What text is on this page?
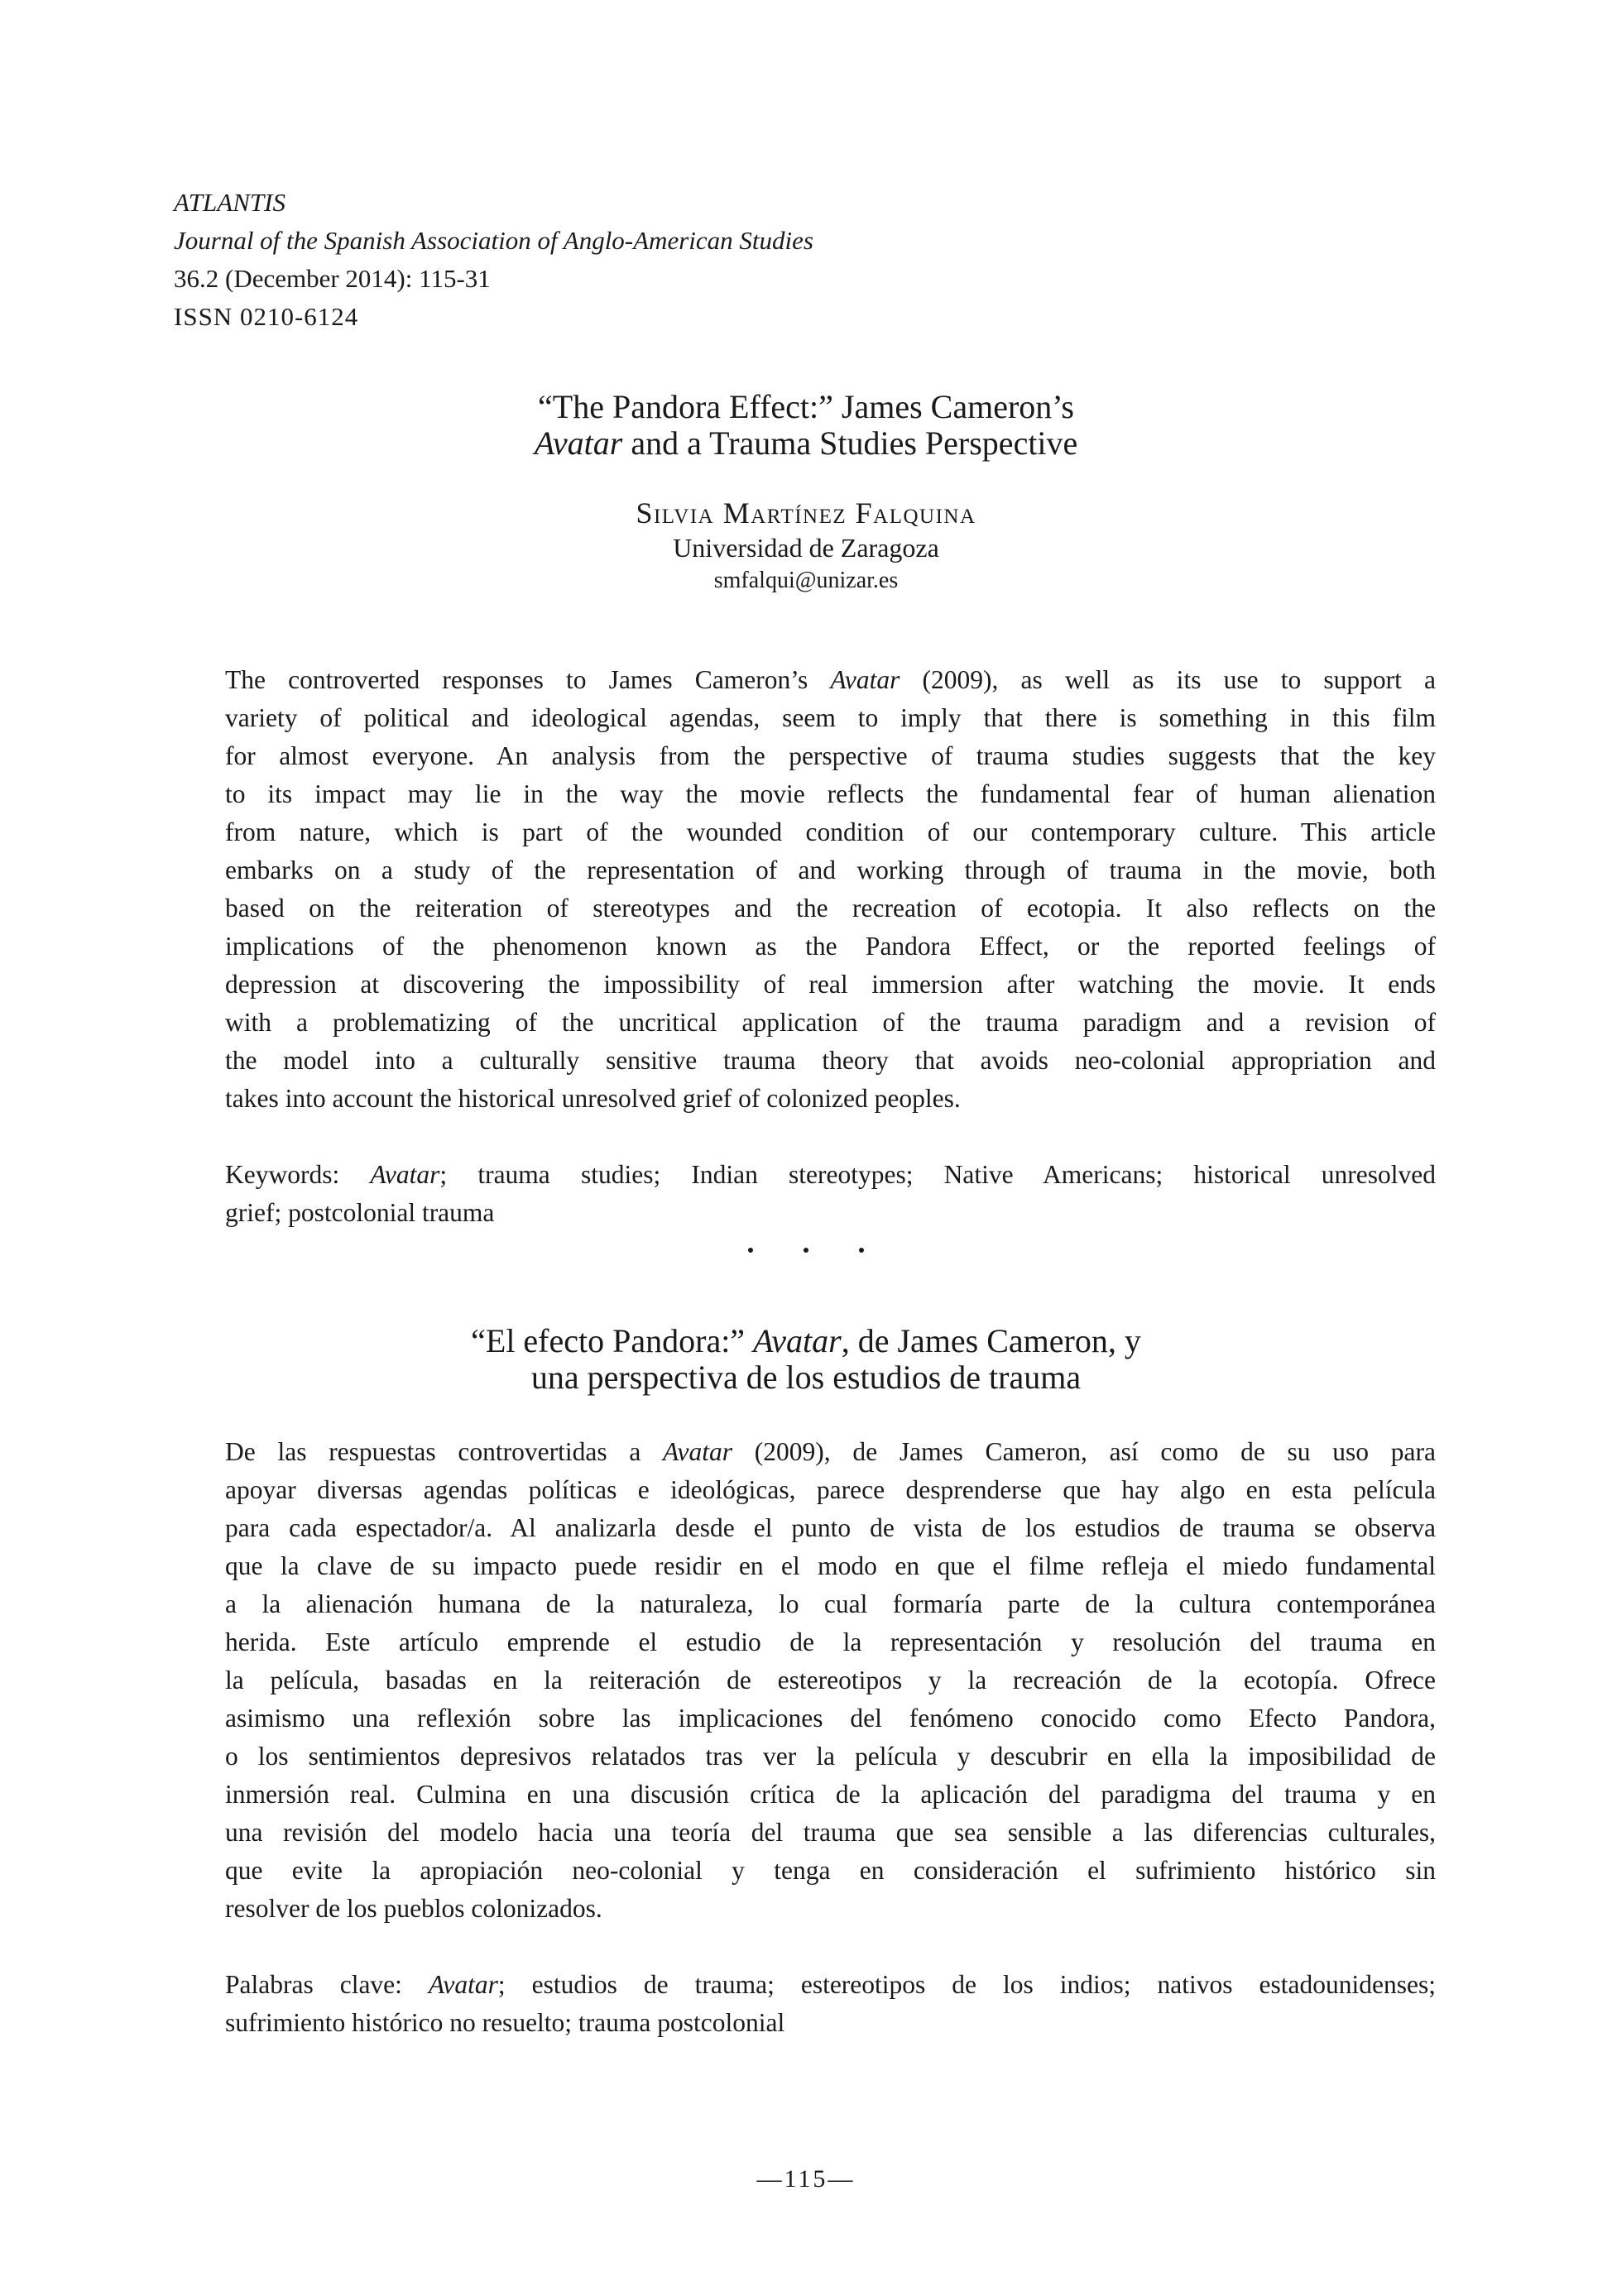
ATLANTIS
Journal of the Spanish Association of Anglo-American Studies
36.2 (December 2014): 115-31
ISSN 0210-6124
“The Pandora Effect:” James Cameron’s
Avatar and a Trauma Studies Perspective
Silvia Martínez Falquina
Universidad de Zaragoza
smfalqui@unizar.es
The controverted responses to James Cameron’s Avatar (2009), as well as its use to support a
variety of political and ideological agendas, seem to imply that there is something in this film
for almost everyone. An analysis from the perspective of trauma studies suggests that the key
to its impact may lie in the way the movie reflects the fundamental fear of human alienation
from nature, which is part of the wounded condition of our contemporary culture. This article
embarks on a study of the representation of and working through of trauma in the movie, both
based on the reiteration of stereotypes and the recreation of ecotopia. It also reflects on the
implications of the phenomenon known as the Pandora Effect, or the reported feelings of
depression at discovering the impossibility of real immersion after watching the movie. It ends
with a problematizing of the uncritical application of the trauma paradigm and a revision of
the model into a culturally sensitive trauma theory that avoids neo-colonial appropriation and
takes into account the historical unresolved grief of colonized peoples.
Keywords: Avatar; trauma studies; Indian stereotypes; Native Americans; historical unresolved
grief; postcolonial trauma
“El efecto Pandora:” Avatar, de James Cameron, y
una perspectiva de los estudios de trauma
De las respuestas controvertidas a Avatar (2009), de James Cameron, así como de su uso para
apoyar diversas agendas políticas e ideológicas, parece desprenderse que hay algo en esta película
para cada espectador/a. Al analizarla desde el punto de vista de los estudios de trauma se observa
que la clave de su impacto puede residir en el modo en que el filme refleja el miedo fundamental
a la alienación humana de la naturaleza, lo cual formaría parte de la cultura contemporánea
herida. Este artículo emprende el estudio de la representación y resolución del trauma en
la película, basadas en la reiteración de estereotipos y la recreación de la ecotopía. Ofrece
asimismo una reflexión sobre las implicaciones del fenómeno conocido como Efecto Pandora,
o los sentimientos depresivos relatados tras ver la película y descubrir en ella la imposibilidad de
inmersión real. Culmina en una discusión crítica de la aplicación del paradigma del trauma y en
una revisión del modelo hacia una teoría del trauma que sea sensible a las diferencias culturales,
que evite la apropiación neo-colonial y tenga en consideración el sufrimiento histórico sin
resolver de los pueblos colonizados.
Palabras clave: Avatar; estudios de trauma; estereotipos de los indios; nativos estadounidenses;
sufrimiento histórico no resuelto; trauma postcolonial
—115—
